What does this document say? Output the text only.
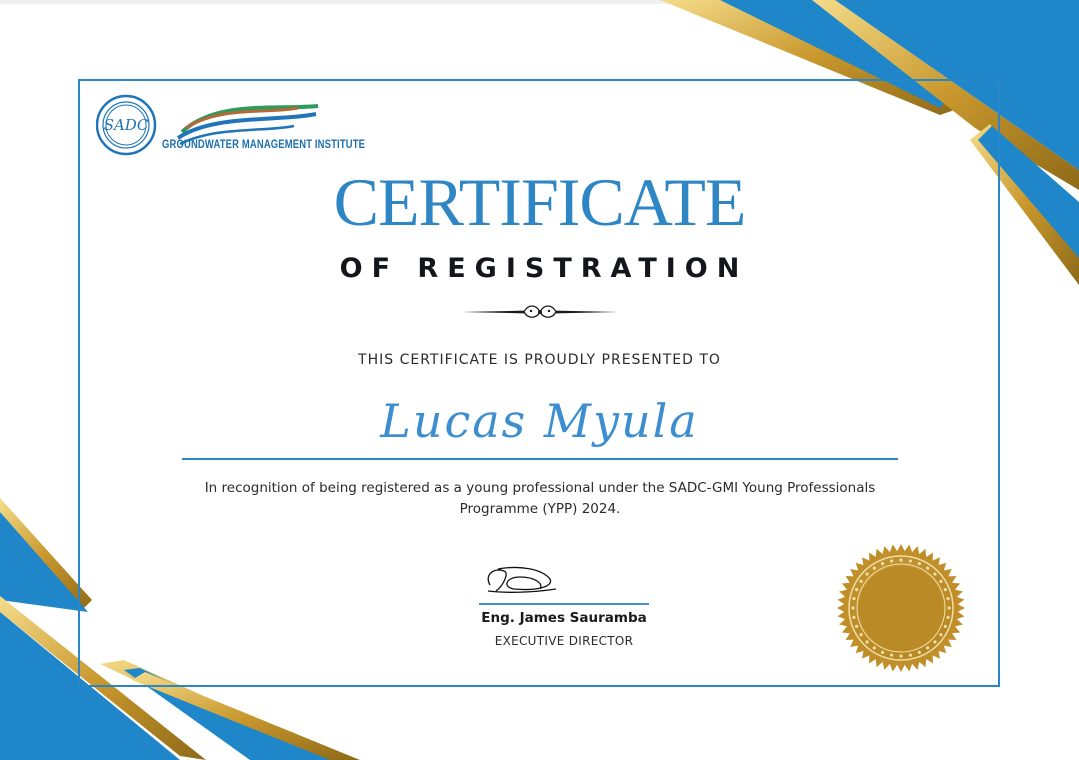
SADC
GROUNDWATER MANAGEMENT INSTITUTE
CERTIFICATE
OF REGISTRATION
THIS CERTIFICATE IS PROUDLY PRESENTED TO
Lucas Myula
In recognition of being registered as a young professional under the SADC-GMI Young Professionals
Programme (YPP) 2024.
Eng. James Sauramba
EXECUTIVE DIRECTOR
